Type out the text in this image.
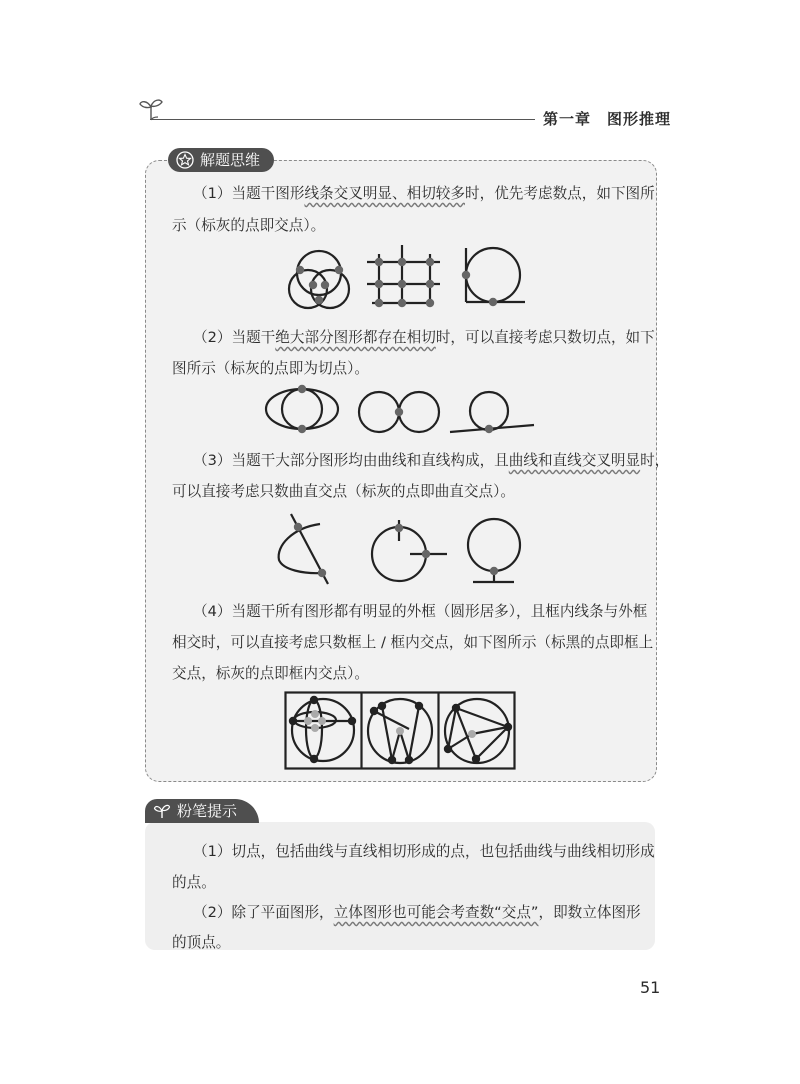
第一章 图形推理
解题思维
（1）当题干图形线条交叉明显、相切较多时，优先考虑数点，如下图所
示（标灰的点即交点）。
（2）当题干绝大部分图形都存在相切时，可以直接考虑只数切点，如下
图所示（标灰的点即为切点）。
（3）当题干大部分图形均由曲线和直线构成，且曲线和直线交叉明显时，
可以直接考虑只数曲直交点（标灰的点即曲直交点）。
（4）当题干所有图形都有明显的外框（圆形居多），且框内线条与外框
相交时，可以直接考虑只数框上 / 框内交点，如下图所示（标黑的点即框上
交点，标灰的点即框内交点）。
粉笔提示
（1）切点，包括曲线与直线相切形成的点，也包括曲线与曲线相切形成
的点。
（2）除了平面图形，立体图形也可能会考查数“交点”，即数立体图形
的顶点。
51
